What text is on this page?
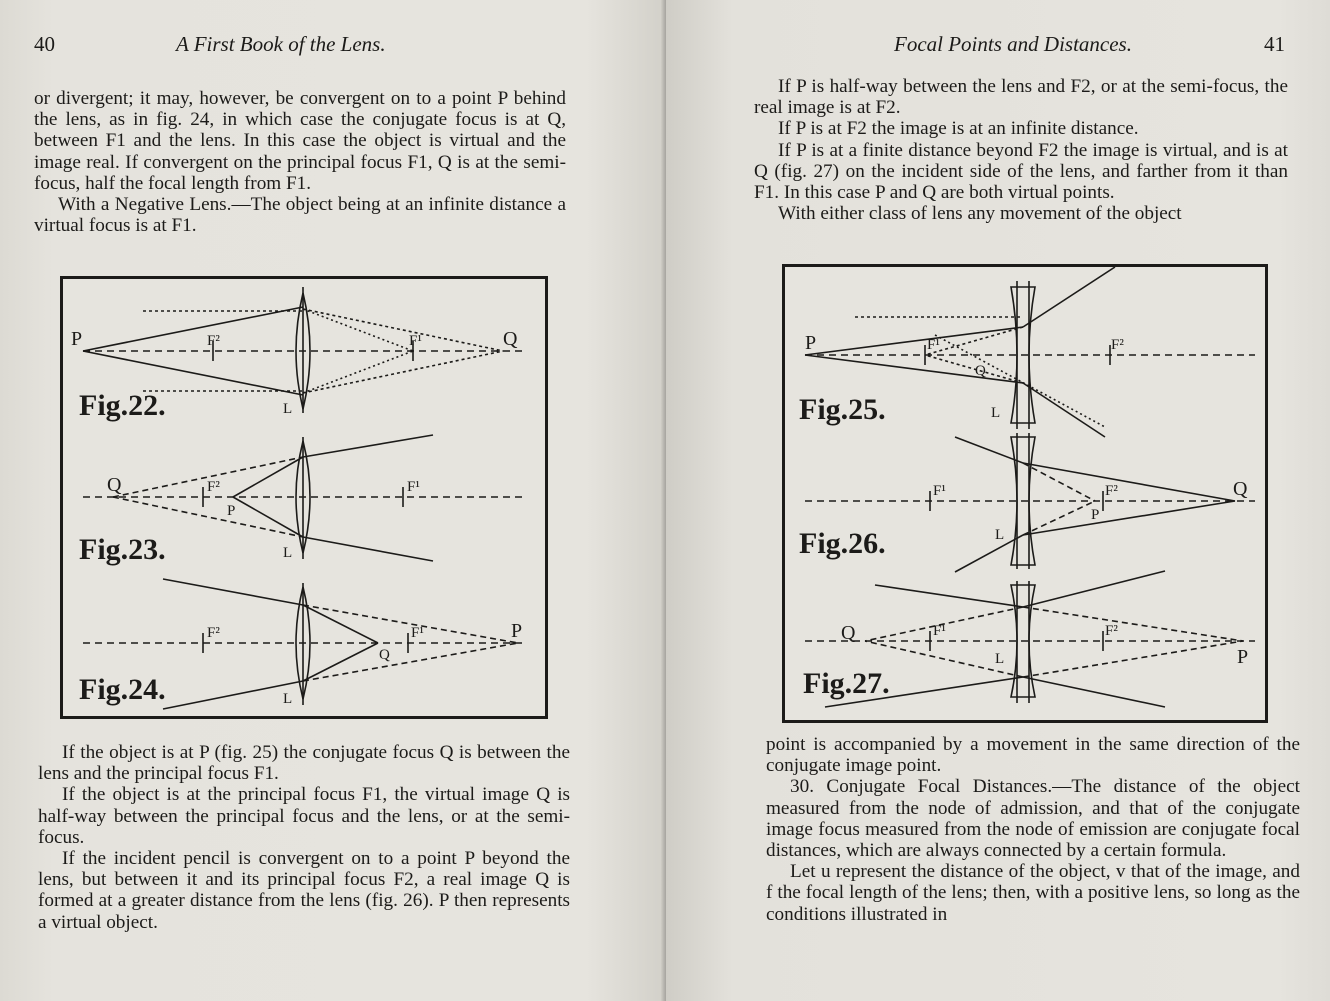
40	A First Book of the Lens.

or divergent; it may, however, be convergent on to a point P behind the lens, as in fig. 24, in which case the conjugate focus is at Q, between F1 and the lens. In this case the object is virtual and the image real. If convergent on the principal focus F1, Q is at the semi-focus, half the focal length from F1.

With a Negative Lens.—The object being at an infinite distance a virtual focus is at F1.

P	Q
F²	F¹
L
Fig.22.
Q
P
F²	F¹
L
Fig.23.
P
Q
F²	F¹
L
Fig.24.

If the object is at P (fig. 25) the conjugate focus Q is between the lens and the principal focus F1.

If the object is at the principal focus F1, the virtual image Q is half-way between the principal focus and the lens, or at the semi-focus.

If the incident pencil is convergent on to a point P beyond the lens, but between it and its principal focus F2, a real image Q is formed at a greater distance from the lens (fig. 26). P then represents a virtual object.

Focal Points and Distances.	41

If P is half-way between the lens and F2, or at the semi-focus, the real image is at F2.

If P is at F2 the image is at an infinite distance.

If P is at a finite distance beyond F2 the image is virtual, and is at Q (fig. 27) on the incident side of the lens, and farther from it than F1. In this case P and Q are both virtual points.

With either class of lens any movement of the object

P
Q
F¹	F²
L
Fig.25.
Q
P
F¹	F²
L
Fig.26.
Q
P
F¹	F²
L
Fig.27.

point is accompanied by a movement in the same direction of the conjugate image point.

30. Conjugate Focal Distances.—The distance of the object measured from the node of admission, and that of the conjugate image focus measured from the node of emission are conjugate focal distances, which are always connected by a certain formula.

Let u represent the distance of the object, v that of the image, and f the focal length of the lens; then, with a positive lens, so long as the conditions illustrated in
